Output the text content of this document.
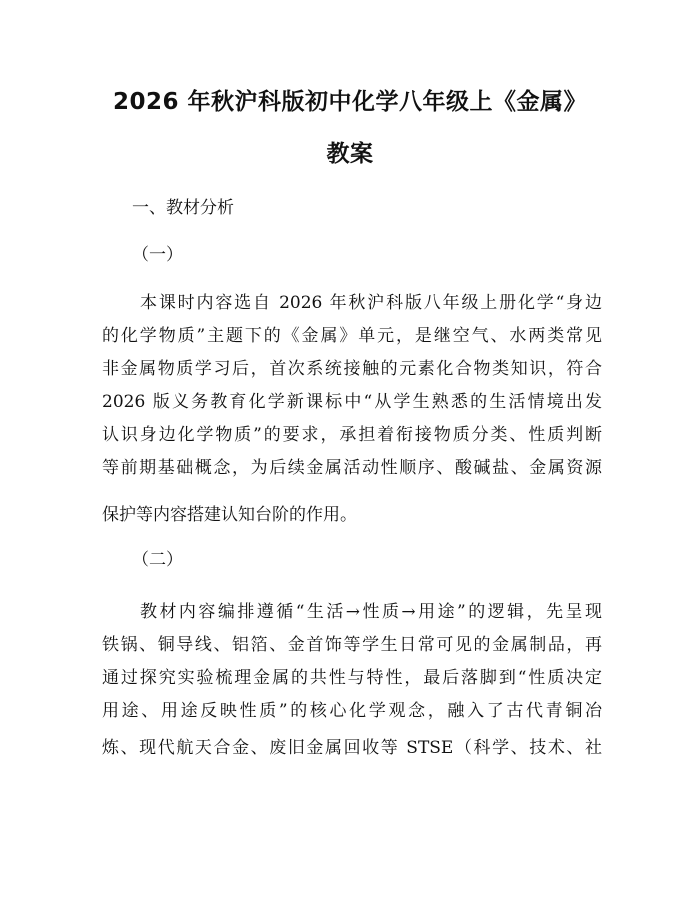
2026 年秋沪科版初中化学八年级上《金属》
教案
一、教材分析
（一）
本课时内容选自 2026 年秋沪科版八年级上册化学“身边
的化学物质”主题下的《金属》单元，是继空气、水两类常见
非金属物质学习后，首次系统接触的元素化合物类知识，符合
2026 版义务教育化学新课标中“从学生熟悉的生活情境出发
认识身边化学物质”的要求，承担着衔接物质分类、性质判断
等前期基础概念，为后续金属活动性顺序、酸碱盐、金属资源
保护等内容搭建认知台阶的作用。
（二）
教材内容编排遵循“生活→性质→用途”的逻辑，先呈现
铁锅、铜导线、铝箔、金首饰等学生日常可见的金属制品，再
通过探究实验梳理金属的共性与特性，最后落脚到“性质决定
用途、用途反映性质”的核心化学观念，融入了古代青铜冶
炼、现代航天合金、废旧金属回收等 STSE（科学、技术、社
